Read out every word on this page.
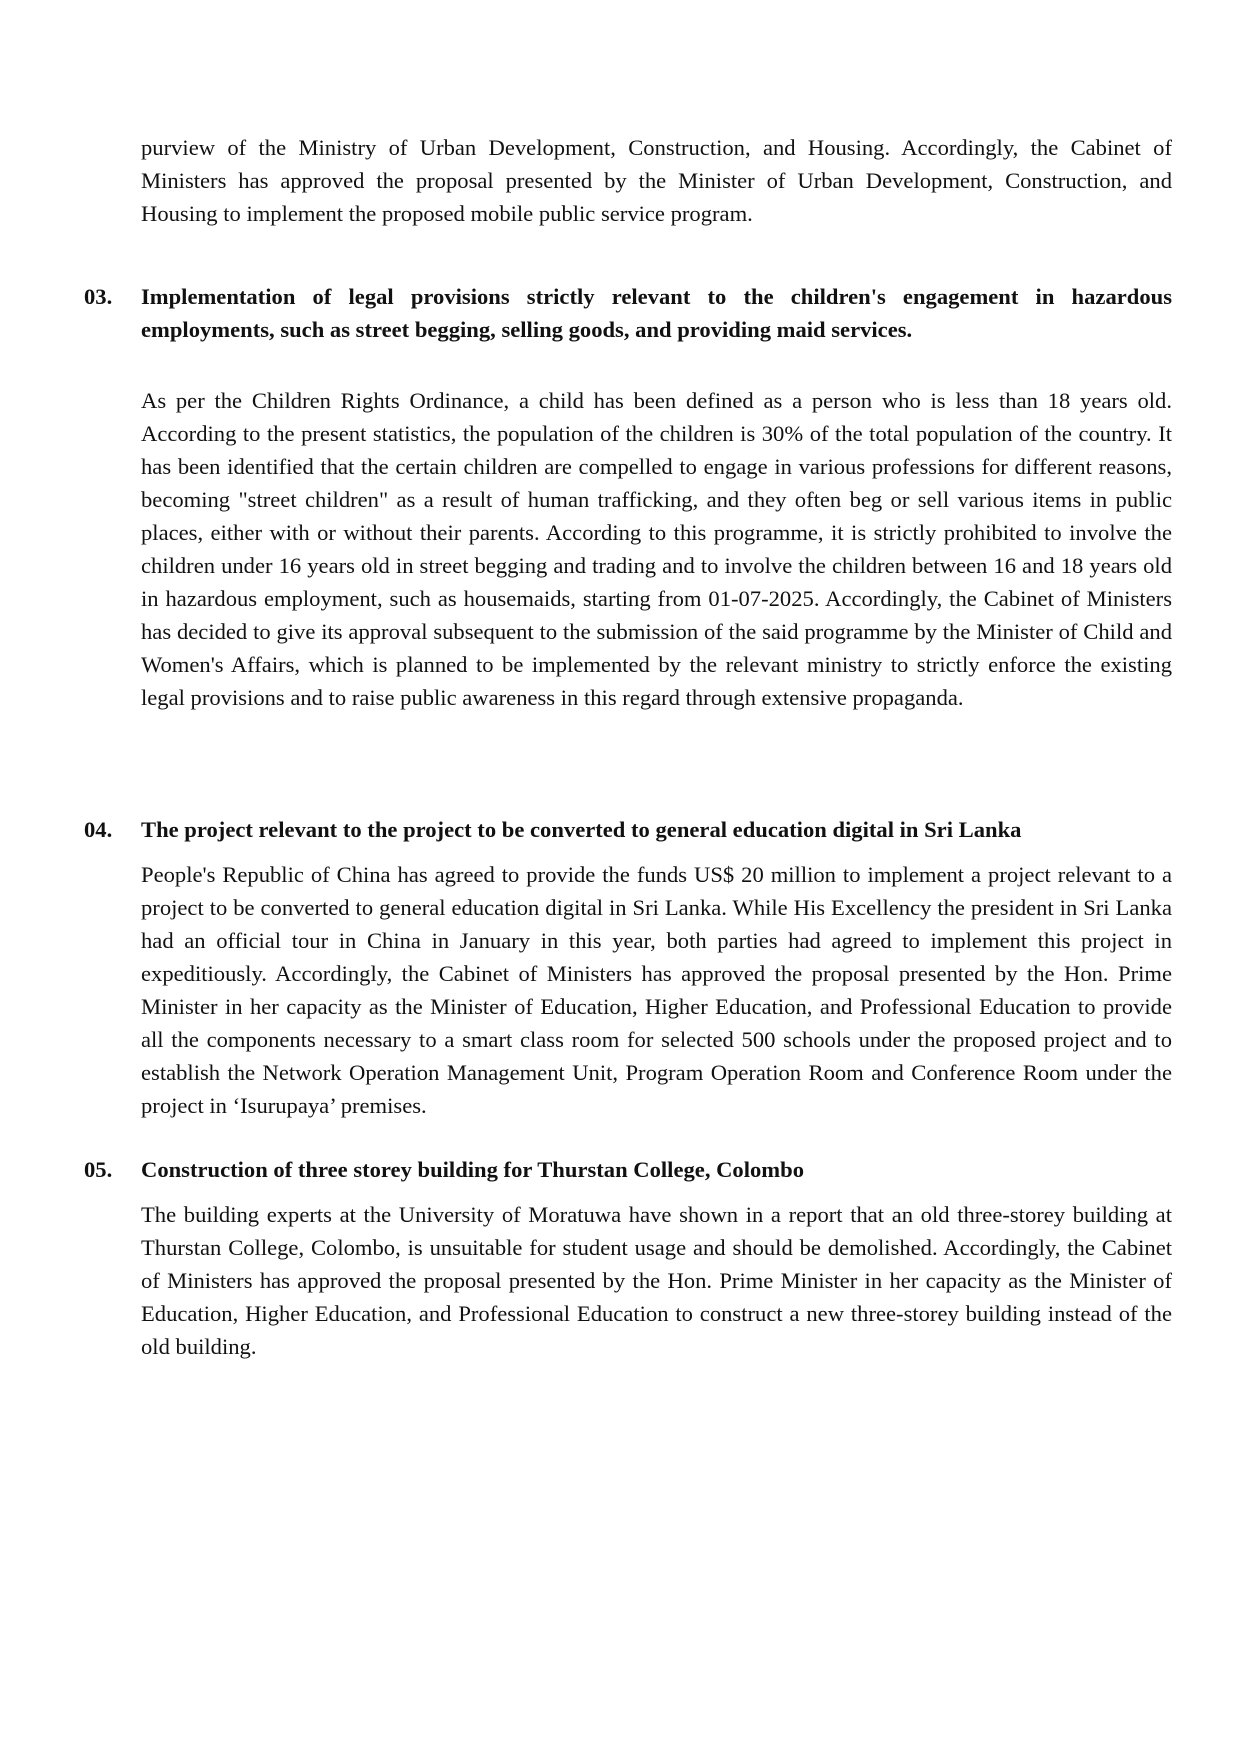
purview of the Ministry of Urban Development, Construction, and Housing. Accordingly, the Cabinet of Ministers has approved the proposal presented by the Minister of Urban Development, Construction, and Housing to implement the proposed mobile public service program.

03.	Implementation of legal provisions strictly relevant to the children's engagement in hazardous employments, such as street begging, selling goods, and providing maid services.

As per the Children Rights Ordinance, a child has been defined as a person who is less than 18 years old. According to the present statistics, the population of the children is 30% of the total population of the country. It has been identified that the certain children are compelled to engage in various professions for different reasons, becoming "street children" as a result of human trafficking, and they often beg or sell various items in public places, either with or without their parents. According to this programme, it is strictly prohibited to involve the children under 16 years old in street begging and trading and to involve the children between 16 and 18 years old in hazardous employment, such as housemaids, starting from 01-07-2025. Accordingly, the Cabinet of Ministers has decided to give its approval subsequent to the submission of the said programme by the Minister of Child and Women's Affairs, which is planned to be implemented by the relevant ministry to strictly enforce the existing legal provisions and to raise public awareness in this regard through extensive propaganda.

04.	The project relevant to the project to be converted to general education digital in Sri Lanka

People's Republic of China has agreed to provide the funds US$ 20 million to implement a project relevant to a project to be converted to general education digital in Sri Lanka. While His Excellency the president in Sri Lanka had an official tour in China in January in this year, both parties had agreed to implement this project in expeditiously. Accordingly, the Cabinet of Ministers has approved the proposal presented by the Hon. Prime Minister in her capacity as the Minister of Education, Higher Education, and Professional Education to provide all the components necessary to a smart class room for selected 500 schools under the proposed project and to establish the Network Operation Management Unit, Program Operation Room and Conference Room under the project in ‘Isurupaya’ premises.

05.	Construction of three storey building for Thurstan College, Colombo

The building experts at the University of Moratuwa have shown in a report that an old three-storey building at Thurstan College, Colombo, is unsuitable for student usage and should be demolished. Accordingly, the Cabinet of Ministers has approved the proposal presented by the Hon. Prime Minister in her capacity as the Minister of Education, Higher Education, and Professional Education to construct a new three-storey building instead of the old building.
